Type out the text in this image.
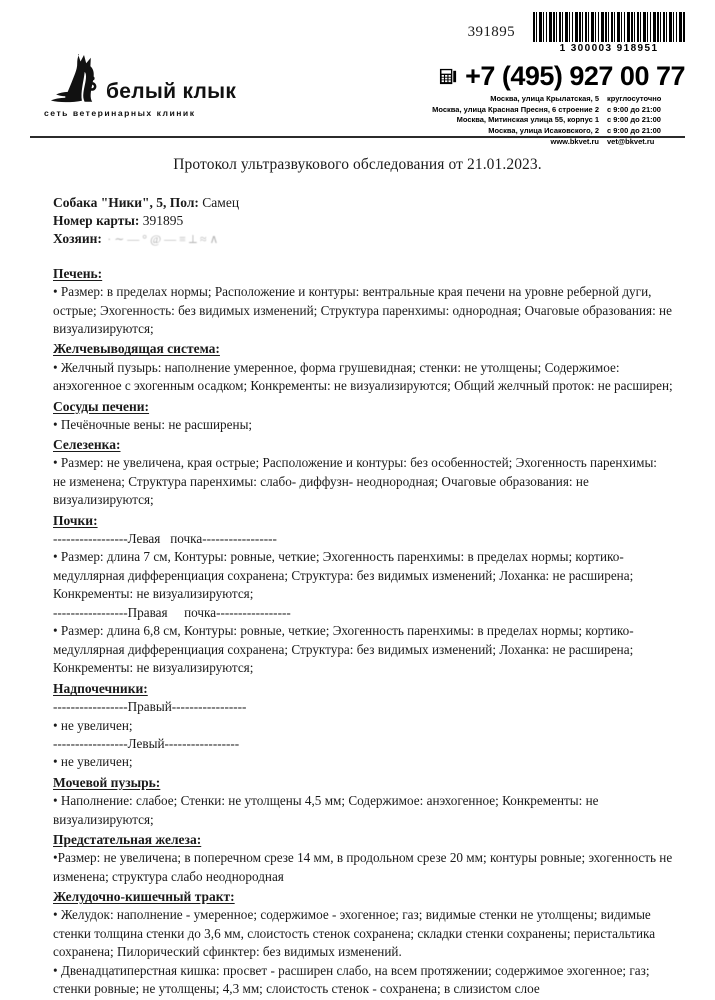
391895
1 300003 918951
+7 (495) 927 00 77
Москва, улица Крылатская, 5	круглосуточно
Москва, улица Красная Пресня, 6 строение 2	с 9:00 до 21:00
Москва, Митинская улица 55, корпус 1	с 9:00 до 21:00
Москва, улица Исаковского, 2	с 9:00 до 21:00
www.bkvet.ru	vet@bkvet.ru
белый клык
сеть ветеринарных клиник
Протокол ультразвукового обследования от 21.01.2023.
Собака "Ники", 5, Пол: Самец
Номер карты: 391895
Хозяин:  · ∼ — ° @ — ≡ ⟂ ≈ ∧ 
Печень:

• Размер: в пределах нормы; Расположение и контуры: вентральные края печени на уровне реберной дуги, острые; Эхогенность: без видимых изменений; Структура паренхимы: однородная; Очаговые образования: не визуализируются;

Желчевыводящая система:

• Желчный пузырь: наполнение умеренное, форма грушевидная; стенки: не утолщены; Содержимое: анэхогенное с эхогенным осадком; Конкременты: не визуализируются; Общий желчный проток: не расширен;

Сосуды печени:

• Печёночные вены: не расширены;

Селезенка:

• Размер: не увеличена, края острые; Расположение и контуры: без особенностей; Эхогенность паренхимы: не изменена; Структура паренхимы: слабо- диффузн- неоднородная; Очаговые образования: не визуализируются;

Почки:
-----------------Левая   почка-----------------

• Размер: длина 7 см, Контуры: ровные, четкие; Эхогенность паренхимы: в пределах нормы; кортико-медуллярная дифференциация сохранена; Структура: без видимых изменений; Лоханка: не расширена; Конкременты: не визуализируются;

-----------------Правая     почка-----------------

• Размер: длина 6,8 см, Контуры: ровные, четкие; Эхогенность паренхимы: в пределах нормы; кортико-медуллярная дифференциация сохранена; Структура: без видимых изменений; Лоханка: не расширена; Конкременты: не визуализируются;

Надпочечники:
-----------------Правый-----------------

• не увеличен;

-----------------Левый-----------------

• не увеличен;

Мочевой пузырь:

• Наполнение: слабое; Стенки: не утолщены 4,5 мм; Содержимое: анэхогенное; Конкременты: не визуализируются;

Предстательная железа:

•Размер: не увеличена; в поперечном срезе 14 мм, в продольном срезе 20 мм; контуры ровные; эхогенность не изменена; структура слабо неоднородная

Желудочно-кишечный тракт:

• Желудок: наполнение - умеренное; содержимое - эхогенное; газ; видимые стенки не утолщены; видимые стенки толщина стенки до 3,6 мм, слоистость стенок сохранена; складки стенки сохранены; перистальтика сохранена; Пилорический сфинктер: без видимых изменений.

• Двенадцатиперстная кишка: просвет - расширен слабо, на всем протяжении; содержимое эхогенное; газ; стенки ровные; не утолщены; 4,3 мм; слоистость стенок - сохранена; в слизистом слое
